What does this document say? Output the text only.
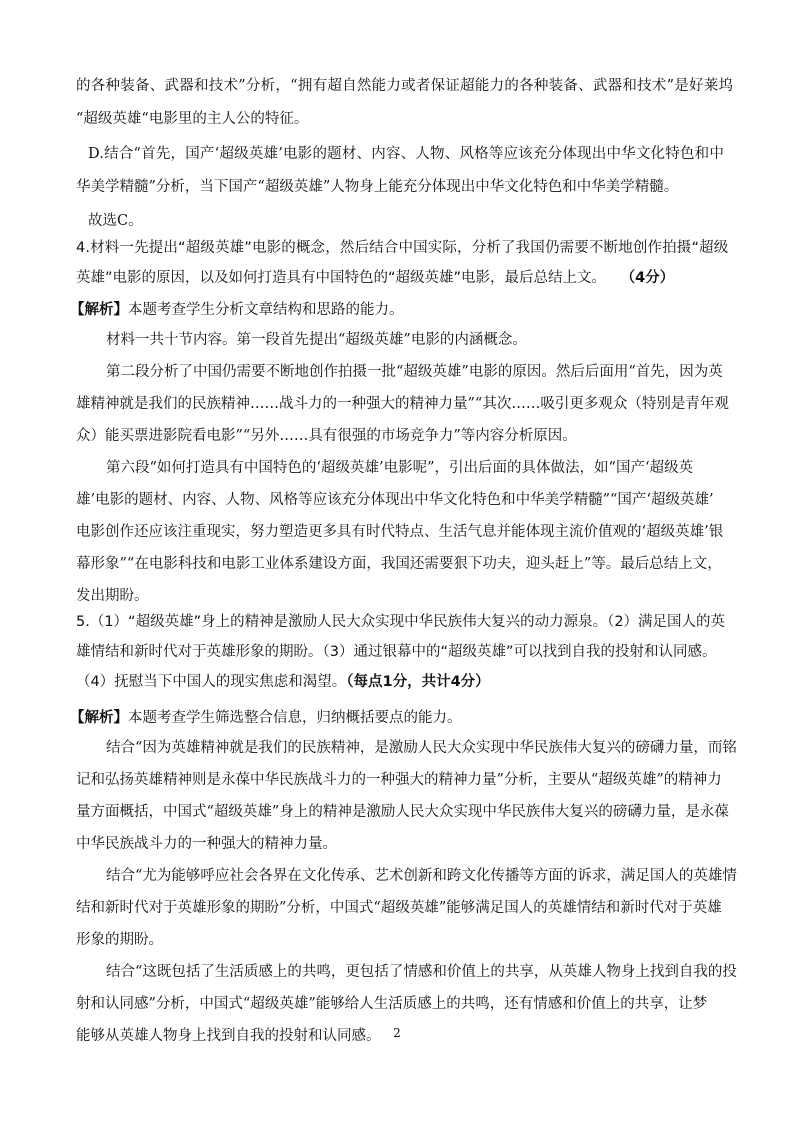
的各种装备、武器和技术”分析，“拥有超自然能力或者保证超能力的各种装备、武器和技术”是好莱坞

“超级英雄“电影里的主人公的特征。

D.结合“首先，国产‘超级英雄’电影的题材、内容、人物、风格等应该充分体现出中华文化特色和中

华美学精髓”分析，当下国产“超级英雄”人物身上能充分体现出中华文化特色和中华美学精髓。

故选C。

4.材料一先提出“超级英雄”电影的概念，然后结合中国实际，分析了我国仍需要不断地创作拍摄“超级

英雄”电影的原因，以及如何打造具有中国特色的“超级英雄”电影，最后总结上文。 （4分）

【解析】本题考查学生分析文章结构和思路的能力。

材料一共十节内容。第一段首先提出“超级英雄”电影的内涵概念。

第二段分析了中国仍需要不断地创作拍摄一批“超级英雄”电影的原因。然后后面用“首先，因为英

雄精神就是我们的民族精神……战斗力的一种强大的精神力量”“其次……吸引更多观众（特别是青年观

众）能买票进影院看电影”“另外……具有很强的市场竞争力”等内容分析原因。

第六段“如何打造具有中国特色的‘超级英雄’电影呢”，引出后面的具体做法，如“国产‘超级英

雄’电影的题材、内容、人物、风格等应该充分体现出中华文化特色和中华美学精髓”“国产‘超级英雄’

电影创作还应该注重现实，努力塑造更多具有时代特点、生活气息并能体现主流价值观的‘超级英雄’银

幕形象”“在电影科技和电影工业体系建设方面，我国还需要狠下功夫，迎头赶上”等。最后总结上文，

发出期盼。

5.（1）“超级英雄”身上的精神是激励人民大众实现中华民族伟大复兴的动力源泉。（2）满足国人的英

雄情结和新时代对于英雄形象的期盼。（3）通过银幕中的“超级英雄”可以找到自我的投射和认同感。

（4）抚慰当下中国人的现实焦虑和渴望。（每点1分，共计4分）

【解析】本题考查学生筛选整合信息，归纳概括要点的能力。

结合“因为英雄精神就是我们的民族精神，是激励人民大众实现中华民族伟大复兴的磅礴力量，而铭

记和弘扬英雄精神则是永葆中华民族战斗力的一种强大的精神力量”分析，主要从“超级英雄”的精神力

量方面概括，中国式“超级英雄”身上的精神是激励人民大众实现中华民族伟大复兴的磅礴力量，是永葆

中华民族战斗力的一种强大的精神力量。

结合“尤为能够呼应社会各界在文化传承、艺术创新和跨文化传播等方面的诉求，满足国人的英雄情

结和新时代对于英雄形象的期盼”分析，中国式“超级英雄”能够满足国人的英雄情结和新时代对于英雄

形象的期盼。

结合“这既包括了生活质感上的共鸣，更包括了情感和价值上的共享，从英雄人物身上找到自我的投

射和认同感”分析，中国式“超级英雄”能够给人生活质感上的共鸣，还有情感和价值上的共享，让梦

能够从英雄人物身上找到自我的投射和认同感。	2
